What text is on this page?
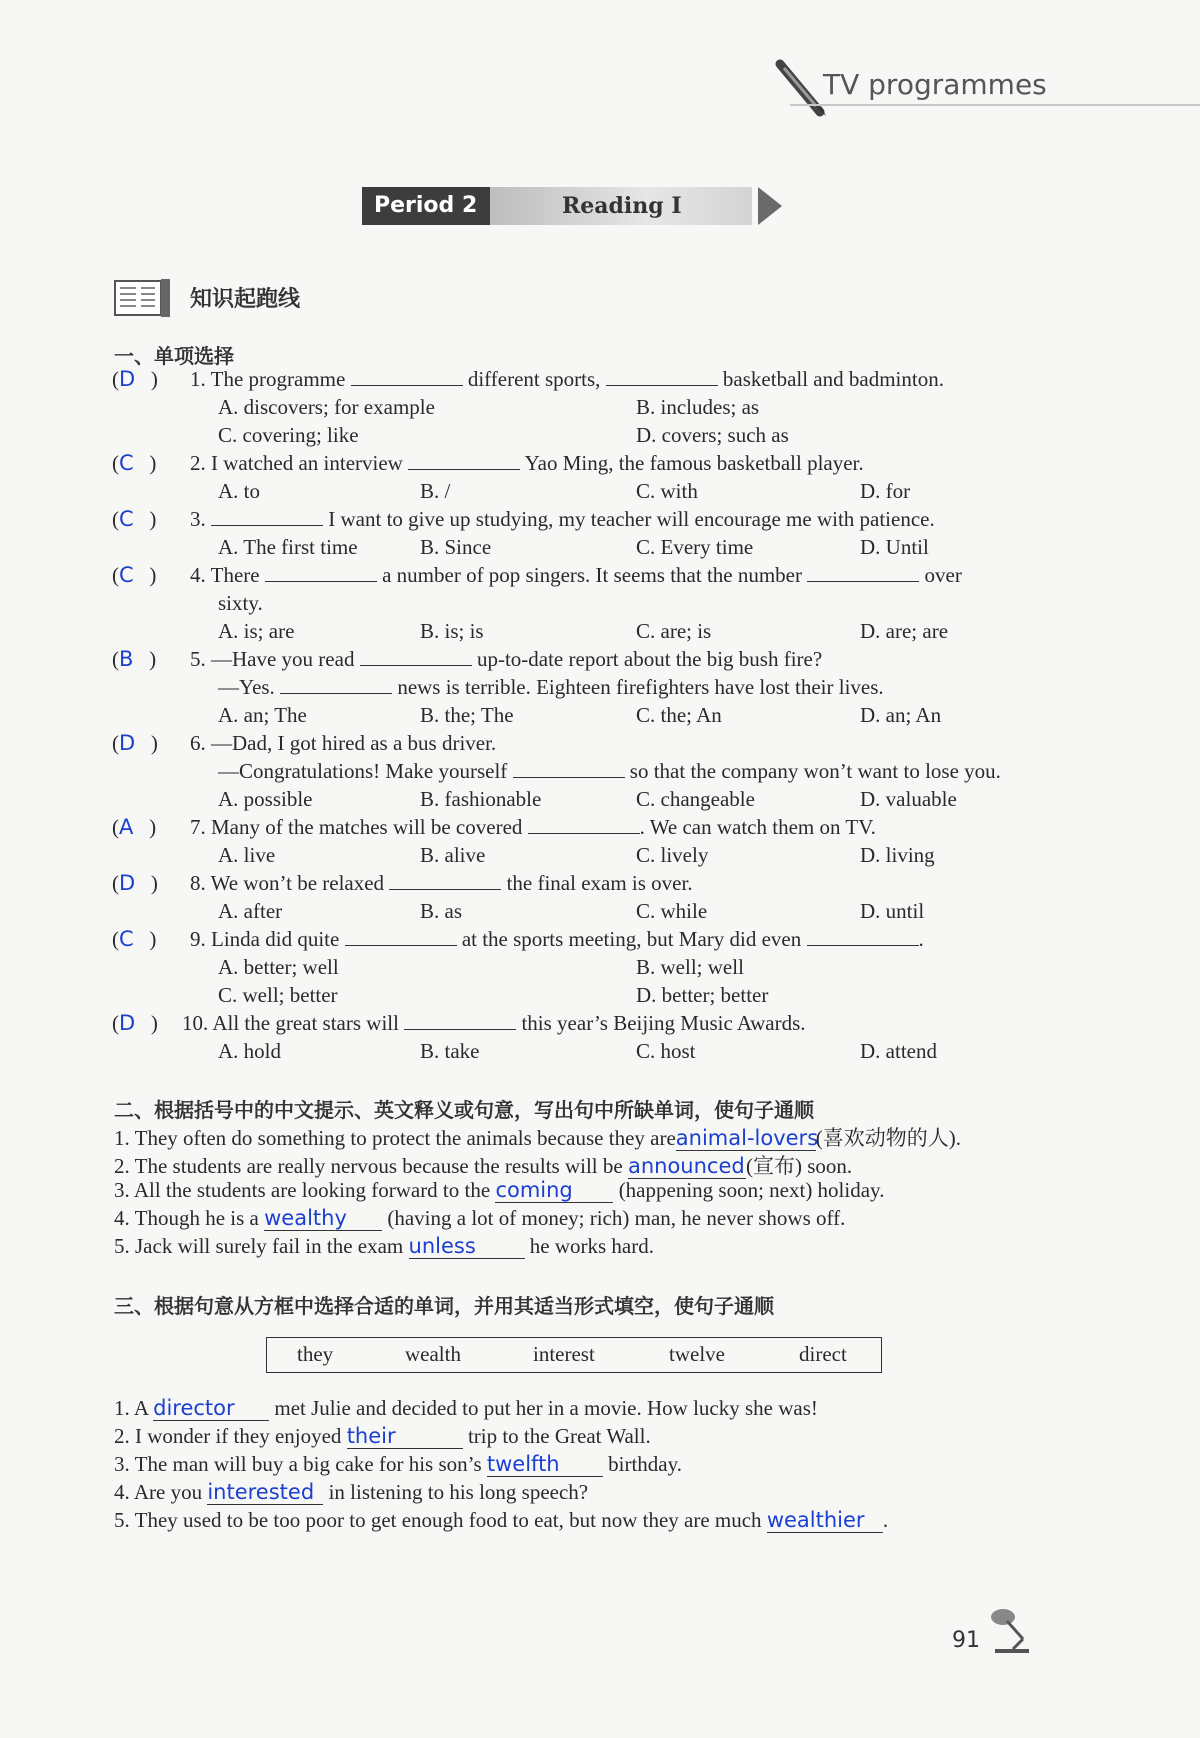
TV programmes
Period 2	Reading I
知识起跑线
一、单项选择
(D   ) 1. The programme	different sports,	basketball and badminton.
A. discovers; for example	B. includes; as
C. covering; like	D. covers; such as
(C   ) 2. I watched an interview	Yao Ming, the famous basketball player.
A. to	B. /	C. with	D. for
(C   ) 3.	I want to give up studying, my teacher will encourage me with patience.
A. The first time	B. Since	C. Every time	D. Until
(C   ) 4. There	a number of pop singers. It seems that the number	over
sixty.
A. is; are	B. is; is	C. are; is	D. are; are
(B   ) 5. —Have you read	up-to-date report about the big bush fire?
—Yes.	news is terrible. Eighteen firefighters have lost their lives.
A. an; The	B. the; The	C. the; An	D. an; An
(D   ) 6. —Dad, I got hired as a bus driver.
—Congratulations! Make yourself	so that the company won’t want to lose you.
A. possible	B. fashionable	C. changeable	D. valuable
(A   ) 7. Many of the matches will be covered	. We can watch them on TV.
A. live	B. alive	C. lively	D. living
(D   ) 8. We won’t be relaxed	the final exam is over.
A. after	B. as	C. while	D. until
(C   ) 9. Linda did quite	at the sports meeting, but Mary did even	.
A. better; well	B. well; well
C. well; better	D. better; better
(D   ) 10. All the great stars will	this year’s Beijing Music Awards.
A. hold	B. take	C. host	D. attend
二、根据括号中的中文提示、英文释义或句意，写出句中所缺单词，使句子通顺
1. They often do something to protect the animals because they areanimal-lovers(喜欢动物的人).
2. The students are really nervous because the results will be announced(宣布) soon.
3. All the students are looking forward to the coming (happening soon; next) holiday.
4. Though he is a wealthy (having a lot of money; rich) man, he never shows off.
5. Jack will surely fail in the exam unless	he works hard.
三、根据句意从方框中选择合适的单词，并用其适当形式填空，使句子通顺
they	wealth	interest	twelve	direct
1. A director met Julie and decided to put her in a movie. How lucky she was!
2. I wonder if they enjoyed their	trip to the Great Wall.
3. The man will buy a big cake for his son’s twelfth birthday.
4. Are you interested in listening to his long speech?
5. They used to be too poor to get enough food to eat, but now they are much wealthier .
91
